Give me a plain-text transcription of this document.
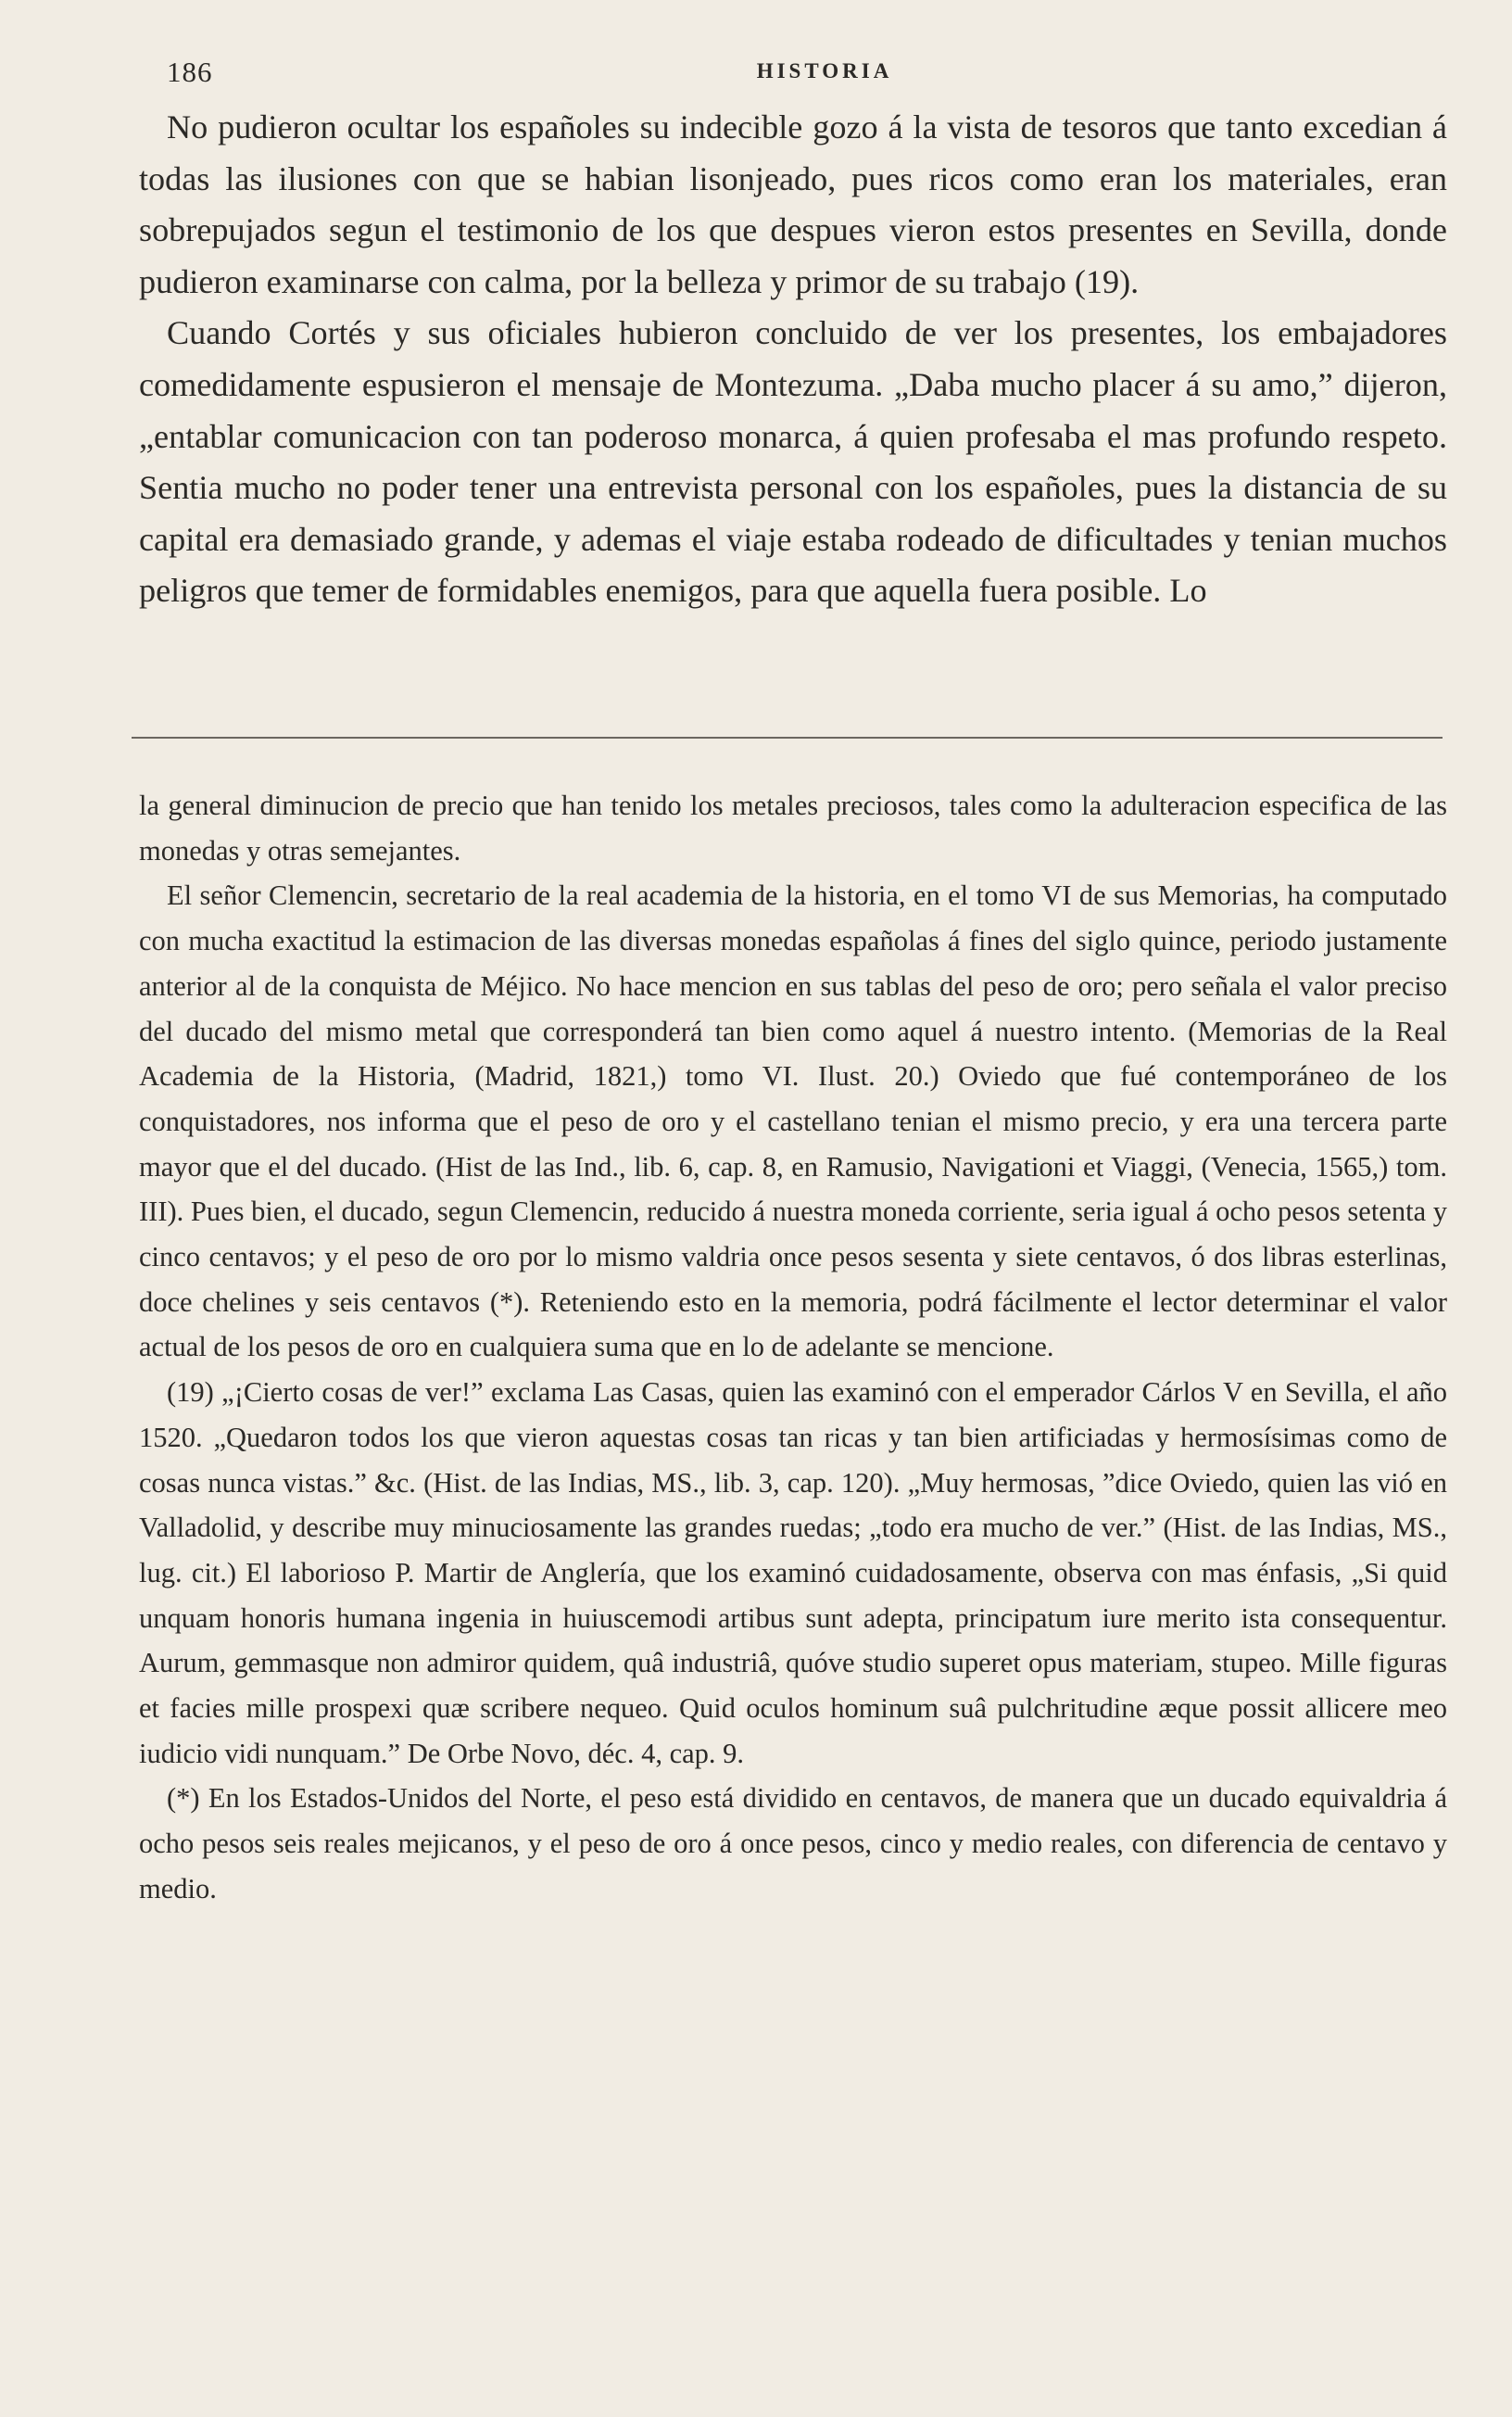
186	HISTORIA

No pudieron ocultar los españoles su indecible gozo á la vista de tesoros que tanto excedian á todas las ilusiones con que se habian lisonjeado, pues ricos como eran los materiales, eran sobrepujados segun el testimonio de los que despues vieron estos presentes en Sevilla, donde pudieron examinarse con calma, por la belleza y primor de su trabajo (19).

Cuando Cortés y sus oficiales hubieron concluido de ver los presentes, los embajadores comedidamente espusieron el mensaje de Montezuma. „Daba mucho placer á su amo,” dijeron, „entablar comunicacion con tan poderoso monarca, á quien profesaba el mas profundo respeto. Sentia mucho no poder tener una entrevista personal con los españoles, pues la distancia de su capital era demasiado grande, y ademas el viaje estaba rodeado de dificultades y tenian muchos peligros que temer de formidables enemigos, para que aquella fuera posible. Lo

la general diminucion de precio que han tenido los metales preciosos, tales como la adulteracion especifica de las monedas y otras semejantes.

El señor Clemencin, secretario de la real academia de la historia, en el tomo VI de sus Memorias, ha computado con mucha exactitud la estimacion de las diversas monedas españolas á fines del siglo quince, periodo justamente anterior al de la conquista de Méjico. No hace mencion en sus tablas del peso de oro; pero señala el valor preciso del ducado del mismo metal que corresponderá tan bien como aquel á nuestro intento. (Memorias de la Real Academia de la Historia, (Madrid, 1821,) tomo VI. Ilust. 20.) Oviedo que fué contemporáneo de los conquistadores, nos informa que el peso de oro y el castellano tenian el mismo precio, y era una tercera parte mayor que el del ducado. (Hist de las Ind., lib. 6, cap. 8, en Ramusio, Navigationi et Viaggi, (Venecia, 1565,) tom. III). Pues bien, el ducado, segun Clemencin, reducido á nuestra moneda corriente, seria igual á ocho pesos setenta y cinco centavos; y el peso de oro por lo mismo valdria once pesos sesenta y siete centavos, ó dos libras esterlinas, doce chelines y seis centavos (*). Reteniendo esto en la memoria, podrá fácilmente el lector determinar el valor actual de los pesos de oro en cualquiera suma que en lo de adelante se mencione.

(19) „¡Cierto cosas de ver!” exclama Las Casas, quien las examinó con el emperador Cárlos V en Sevilla, el año 1520. „Quedaron todos los que vieron aquestas cosas tan ricas y tan bien artificiadas y hermosísimas como de cosas nunca vistas.” &c. (Hist. de las Indias, MS., lib. 3, cap. 120). „Muy hermosas, ”dice Oviedo, quien las vió en Valladolid, y describe muy minuciosamente las grandes ruedas; „todo era mucho de ver.” (Hist. de las Indias, MS., lug. cit.) El laborioso P. Martir de Anglería, que los examinó cuidadosamente, observa con mas énfasis, „Si quid unquam honoris humana ingenia in huiuscemodi artibus sunt adepta, principatum iure merito ista consequentur. Aurum, gemmasque non admiror quidem, quâ industriâ, quóve studio superet opus materiam, stupeo. Mille figuras et facies mille prospexi quæ scribere nequeo. Quid oculos hominum suâ pulchritudine æque possit allicere meo iudicio vidi nunquam.” De Orbe Novo, déc. 4, cap. 9.

(*) En los Estados-Unidos del Norte, el peso está dividido en centavos, de manera que un ducado equivaldria á ocho pesos seis reales mejicanos, y el peso de oro á once pesos, cinco y medio reales, con diferencia de centavo y medio.
